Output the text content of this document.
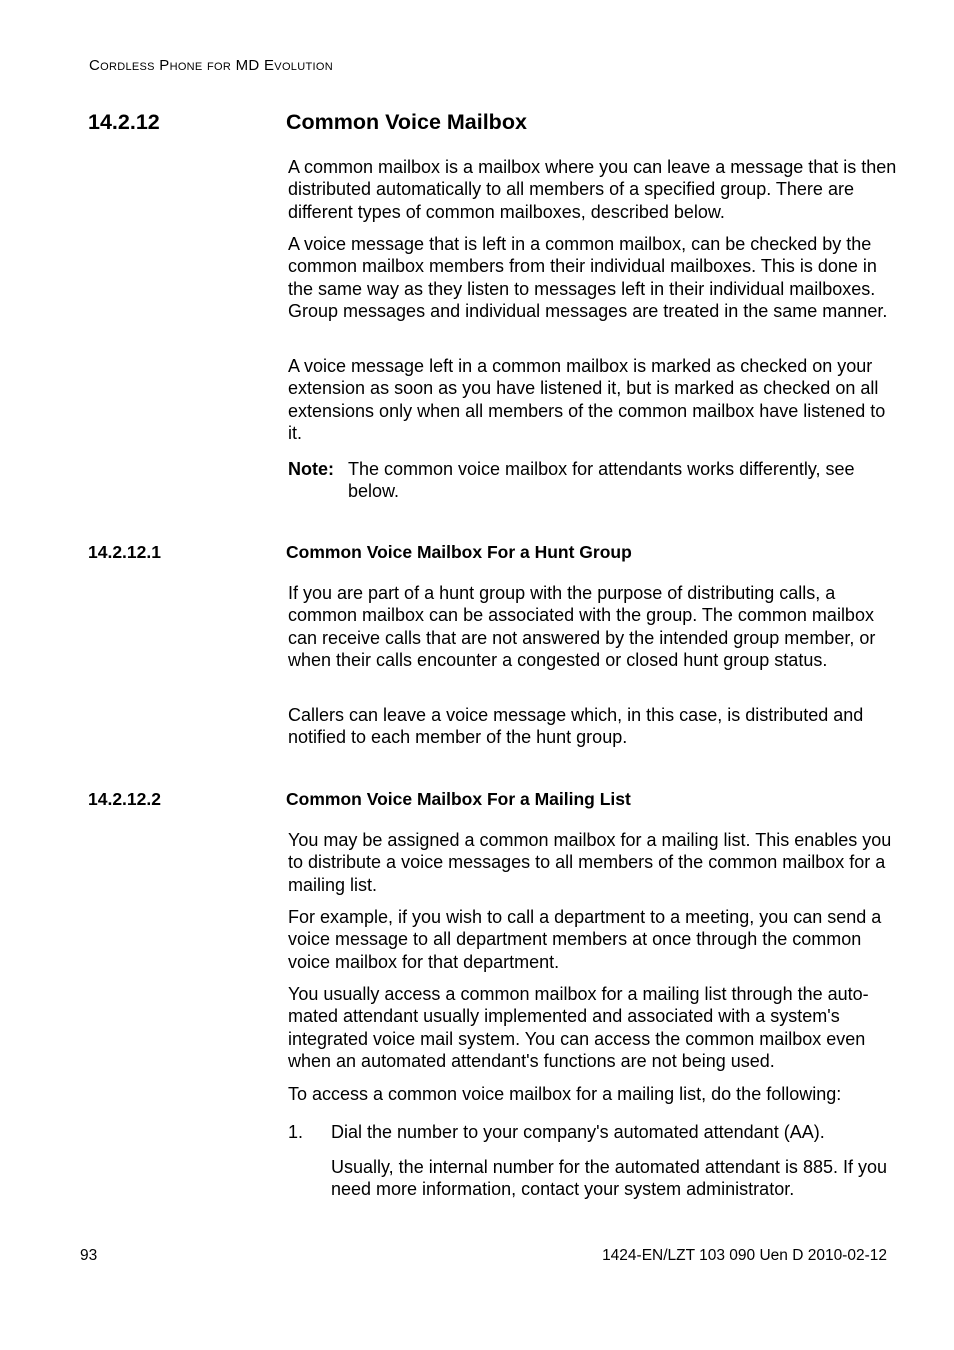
Cordless Phone for MD Evolution
14.2.12	Common Voice Mailbox

A common mailbox is a mailbox where you can leave a message that is then distributed automatically to all members of a specified group. There are different types of common mailboxes, described below.

A voice message that is left in a common mailbox, can be checked by the common mailbox members from their individual mailboxes. This is done in the same way as they listen to messages left in their individual mailboxes. Group messages and individual messages are treated in the same manner.

A voice message left in a common mailbox is marked as checked on your extension as soon as you have listened it, but is marked as checked on all extensions only when all members of the common mailbox have listened to it.

Note: The common voice mailbox for attendants works differently, see below.

14.2.12.1	Common Voice Mailbox For a Hunt Group

If you are part of a hunt group with the purpose of distributing calls, a common mailbox can be associated with the group. The common mailbox can receive calls that are not answered by the intended group member, or when their calls encounter a congested or closed hunt group status.

Callers can leave a voice message which, in this case, is distributed and notified to each member of the hunt group.

14.2.12.2	Common Voice Mailbox For a Mailing List

You may be assigned a common mailbox for a mailing list. This enables you to distribute a voice messages to all members of the common mailbox for a mailing list.

For example, if you wish to call a department to a meeting, you can send a voice message to all department members at once through the common voice mailbox for that department.

You usually access a common mailbox for a mailing list through the auto-mated attendant usually implemented and associated with a system's integrated voice mail system. You can access the common mailbox even when an automated attendant's functions are not being used.

To access a common voice mailbox for a mailing list, do the following:

1. Dial the number to your company's automated attendant (AA).

Usually, the internal number for the automated attendant is 885. If you need more information, contact your system administrator.

93	1424-EN/LZT 103 090 Uen D 2010-02-12
